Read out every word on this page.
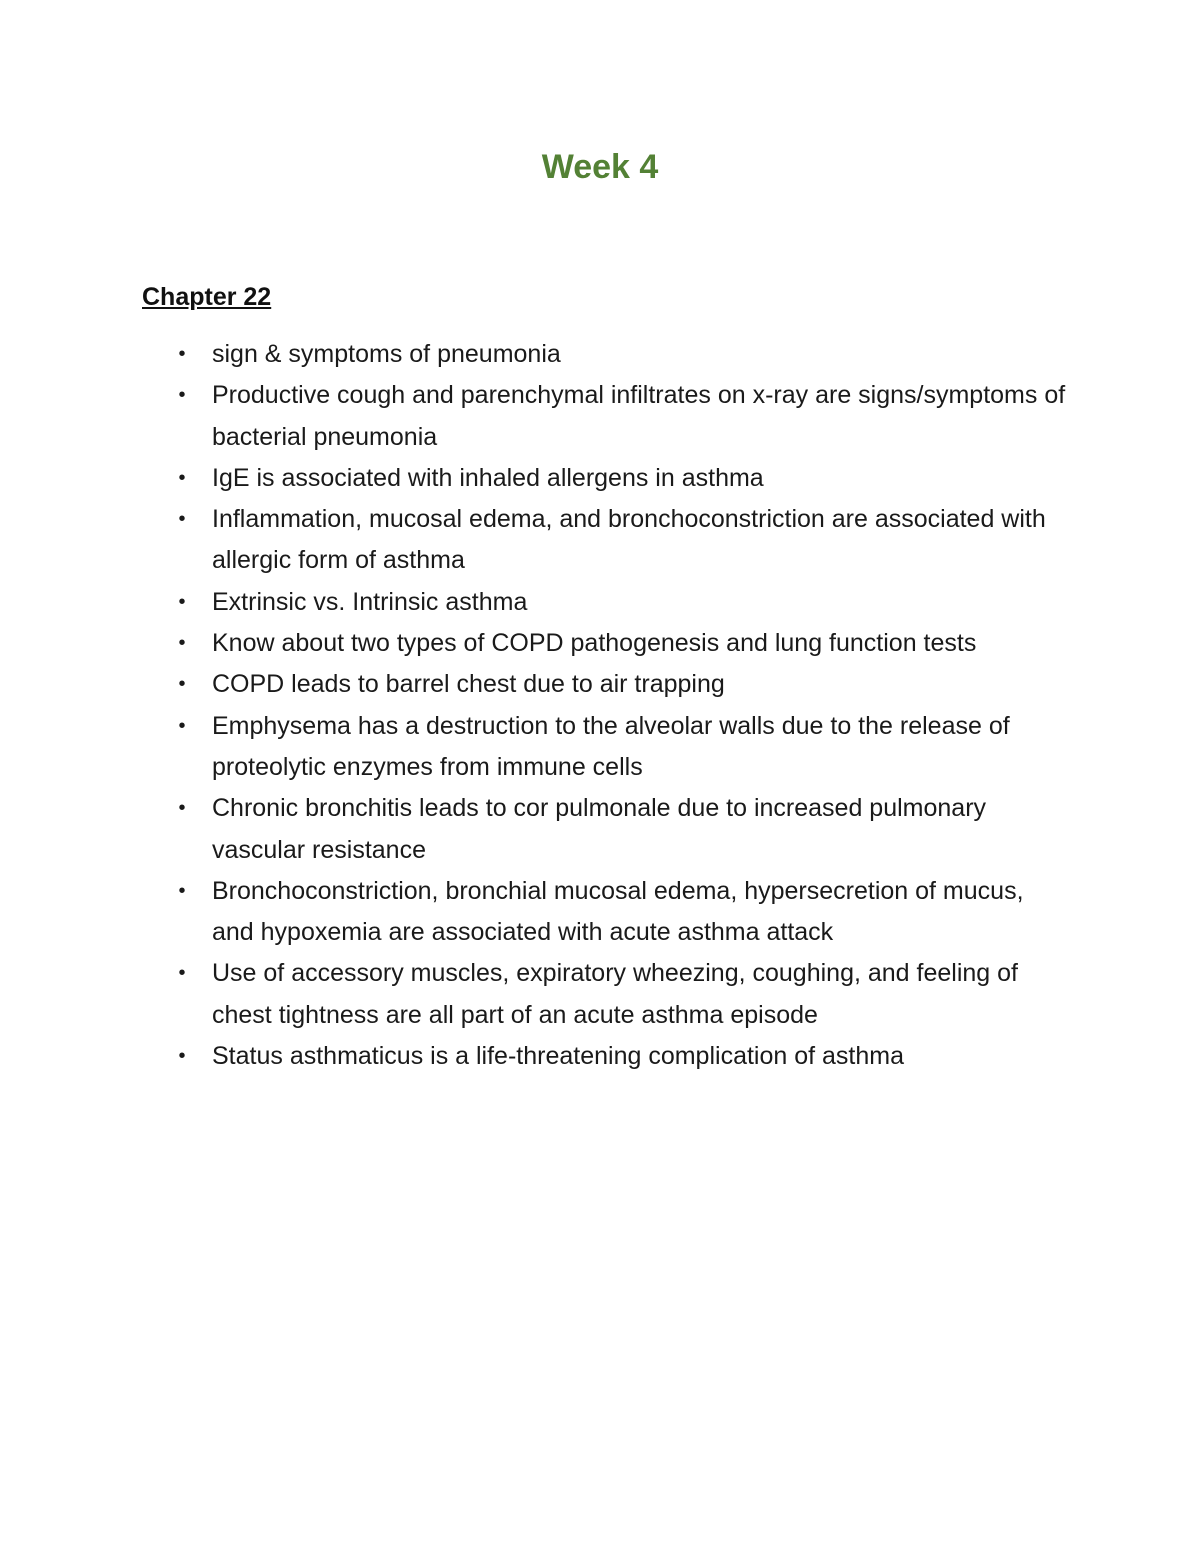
Week 4
Chapter 22
• sign & symptoms of pneumonia
• Productive cough and parenchymal infiltrates on x-ray are signs/symptoms of bacterial pneumonia
• IgE is associated with inhaled allergens in asthma
• Inflammation, mucosal edema, and bronchoconstriction are associated with allergic form of asthma
• Extrinsic vs. Intrinsic asthma
• Know about two types of COPD pathogenesis and lung function tests
• COPD leads to barrel chest due to air trapping
• Emphysema has a destruction to the alveolar walls due to the release of proteolytic enzymes from immune cells
• Chronic bronchitis leads to cor pulmonale due to increased pulmonary vascular resistance
• Bronchoconstriction, bronchial mucosal edema, hypersecretion of mucus, and hypoxemia are associated with acute asthma attack
• Use of accessory muscles, expiratory wheezing, coughing, and feeling of chest tightness are all part of an acute asthma episode
• Status asthmaticus is a life-threatening complication of asthma
